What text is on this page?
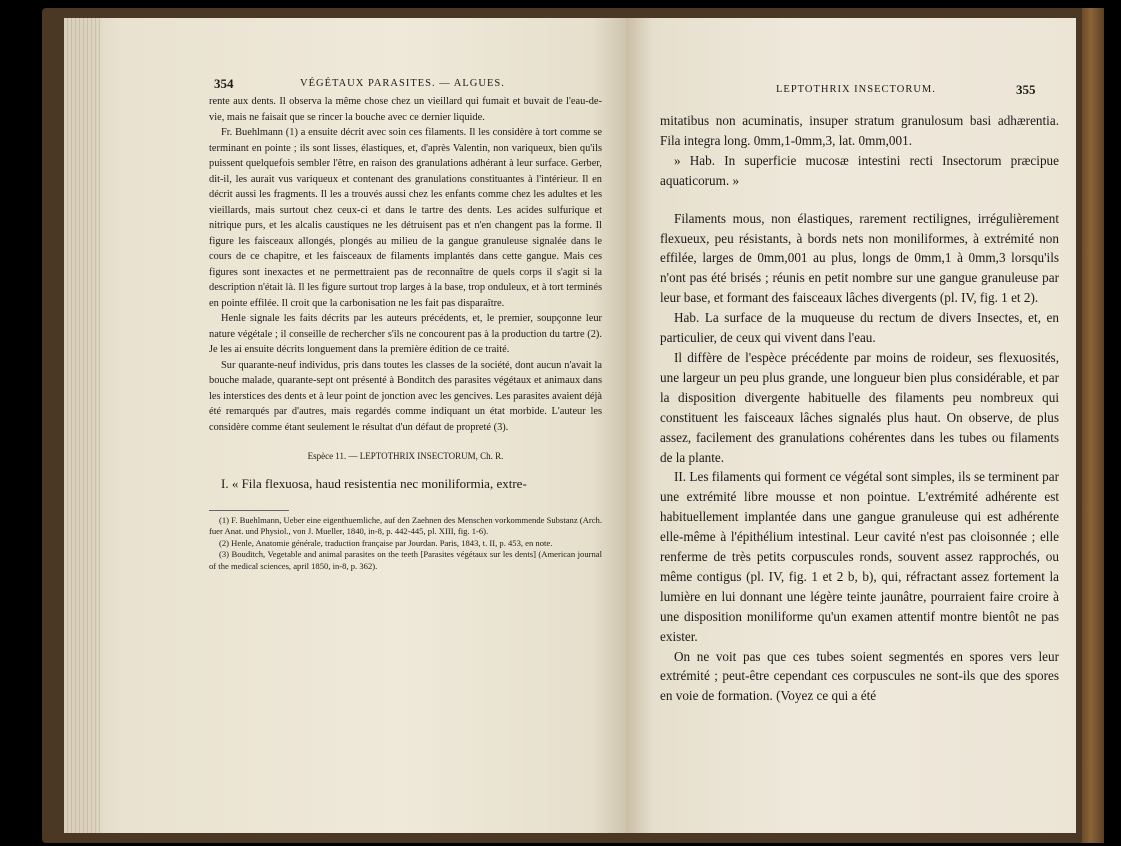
354	VÉGÉTAUX PARASITES. — ALGUES.

rente aux dents. Il observa la même chose chez un vieillard qui fumait et buvait de l'eau-de-vie, mais ne faisait que se rincer la bouche avec ce dernier liquide.

Fr. Buehlmann (1) a ensuite décrit avec soin ces filaments. Il les considère à tort comme se terminant en pointe ; ils sont lisses, élastiques, et, d'après Valentin, non variqueux, bien qu'ils puissent quelquefois sembler l'être, en raison des granulations adhérant à leur surface. Gerber, dit-il, les aurait vus variqueux et contenant des granulations constituantes à l'intérieur. Il en décrit aussi les fragments. Il les a trouvés aussi chez les enfants comme chez les adultes et les vieillards, mais surtout chez ceux-ci et dans le tartre des dents. Les acides sulfurique et nitrique purs, et les alcalis caustiques ne les détruisent pas et n'en changent pas la forme. Il figure les faisceaux allongés, plongés au milieu de la gangue granuleuse signalée dans le cours de ce chapitre, et les faisceaux de filaments implantés dans cette gangue. Mais ces figures sont inexactes et ne permettraient pas de reconnaître de quels corps il s'agit si la description n'était là. Il les figure surtout trop larges à la base, trop onduleux, et à tort terminés en pointe effilée. Il croit que la carbonisation ne les fait pas disparaître.

Henle signale les faits décrits par les auteurs précédents, et, le premier, soupçonne leur nature végétale ; il conseille de rechercher s'ils ne concourent pas à la production du tartre (2). Je les ai ensuite décrits longuement dans la première édition de ce traité.

Sur quarante-neuf individus, pris dans toutes les classes de la société, dont aucun n'avait la bouche malade, quarante-sept ont présenté à Bonditch des parasites végétaux et animaux dans les interstices des dents et à leur point de jonction avec les gencives. Les parasites avaient déjà été remarqués par d'autres, mais regardés comme indiquant un état morbide. L'auteur les considère comme étant seulement le résultat d'un défaut de propreté (3).

Espèce 11. — LEPTOTHRIX INSECTORUM, Ch. R.

I. « Fila flexuosa, haud resistentia nec moniliformia, extre-

(1) F. Buehlmann, Ueber eine eigenthuemliche, auf den Zaehnen des Menschen vorkommende Substanz (Arch. fuer Anat. und Physiol., von J. Mueller, 1840, in-8, p. 442-445, pl. XIII, fig. 1-6).

(2) Henle, Anatomie générale, traduction française par Jourdan. Paris, 1843, t. II, p. 453, en note.

(3) Bouditch, Vegetable and animal parasites on the teeth [Parasites végétaux sur les dents] (American journal of the medical sciences, april 1850, in-8, p. 362).

LEPTOTHRIX INSECTORUM.	355

mitatibus non acuminatis, insuper stratum granulosum basi adhærentia. Fila integra long. 0mm,1-0mm,3, lat. 0mm,001.

» Hab. In superficie mucosæ intestini recti Insectorum præcipue aquaticorum. »

Filaments mous, non élastiques, rarement rectilignes, irrégulièrement flexueux, peu résistants, à bords nets non moniliformes, à extrémité non effilée, larges de 0mm,001 au plus, longs de 0mm,1 à 0mm,3 lorsqu'ils n'ont pas été brisés ; réunis en petit nombre sur une gangue granuleuse par leur base, et formant des faisceaux lâches divergents (pl. IV, fig. 1 et 2).

Hab. La surface de la muqueuse du rectum de divers Insectes, et, en particulier, de ceux qui vivent dans l'eau.

Il diffère de l'espèce précédente par moins de roideur, ses flexuosités, une largeur un peu plus grande, une longueur bien plus considérable, et par la disposition divergente habituelle des filaments peu nombreux qui constituent les faisceaux lâches signalés plus haut. On observe, de plus assez, facilement des granulations cohérentes dans les tubes ou filaments de la plante.

II. Les filaments qui forment ce végétal sont simples, ils se terminent par une extrémité libre mousse et non pointue. L'extrémité adhérente est habituellement implantée dans une gangue granuleuse qui est adhérente elle-même à l'épithélium intestinal. Leur cavité n'est pas cloisonnée ; elle renferme de très petits corpuscules ronds, souvent assez rapprochés, ou même contigus (pl. IV, fig. 1 et 2 b, b), qui, réfractant assez fortement la lumière en lui donnant une légère teinte jaunâtre, pourraient faire croire à une disposition moniliforme qu'un examen attentif montre bientôt ne pas exister.

On ne voit pas que ces tubes soient segmentés en spores vers leur extrémité ; peut-être cependant ces corpuscules ne sont-ils que des spores en voie de formation. (Voyez ce qui a été
